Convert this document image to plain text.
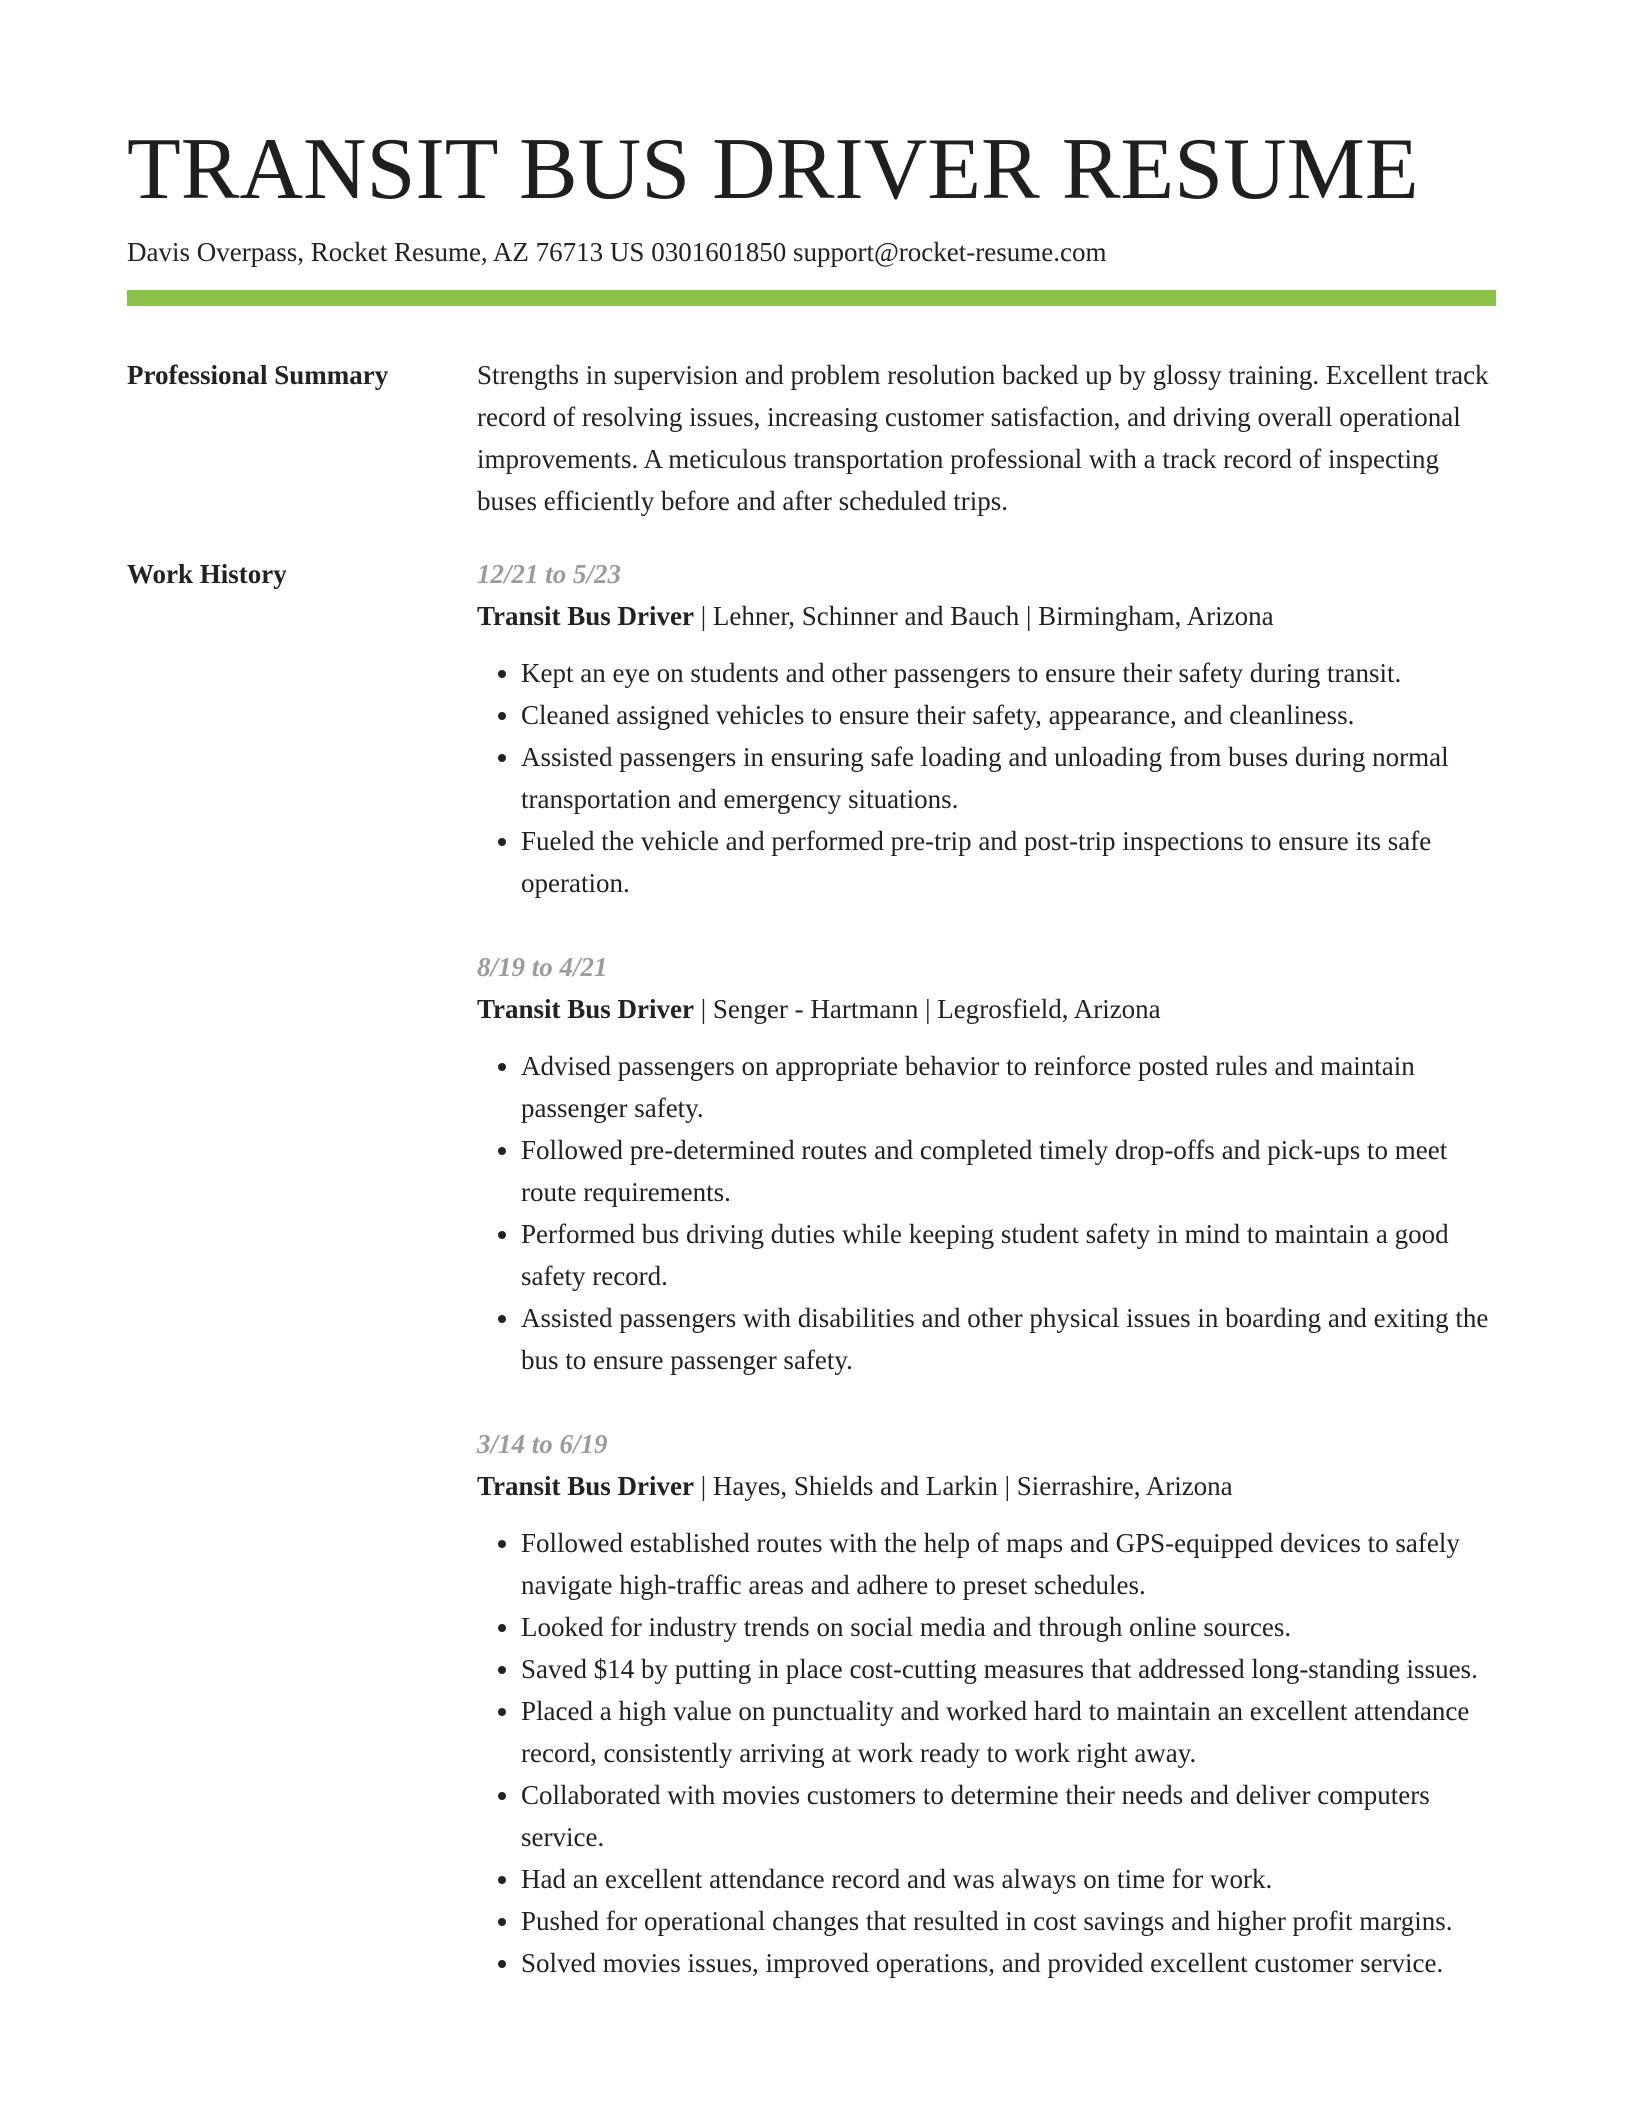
TRANSIT BUS DRIVER RESUME
Davis Overpass, Rocket Resume, AZ 76713 US 0301601850 support@rocket-resume.com
Professional Summary	Strengths in supervision and problem resolution backed up by glossy training. Excellent track record of resolving issues, increasing customer satisfaction, and driving overall operational improvements. A meticulous transportation professional with a track record of inspecting buses efficiently before and after scheduled trips.
Work History	12/21 to 5/23
Transit Bus Driver | Lehner, Schinner and Bauch | Birmingham, Arizona
• Kept an eye on students and other passengers to ensure their safety during transit.
• Cleaned assigned vehicles to ensure their safety, appearance, and cleanliness.
• Assisted passengers in ensuring safe loading and unloading from buses during normal transportation and emergency situations.
• Fueled the vehicle and performed pre-trip and post-trip inspections to ensure its safe operation.
8/19 to 4/21
Transit Bus Driver | Senger - Hartmann | Legrosfield, Arizona
• Advised passengers on appropriate behavior to reinforce posted rules and maintain passenger safety.
• Followed pre-determined routes and completed timely drop-offs and pick-ups to meet route requirements.
• Performed bus driving duties while keeping student safety in mind to maintain a good safety record.
• Assisted passengers with disabilities and other physical issues in boarding and exiting the bus to ensure passenger safety.
3/14 to 6/19
Transit Bus Driver | Hayes, Shields and Larkin | Sierrashire, Arizona
• Followed established routes with the help of maps and GPS-equipped devices to safely navigate high-traffic areas and adhere to preset schedules.
• Looked for industry trends on social media and through online sources.
• Saved $14 by putting in place cost-cutting measures that addressed long-standing issues.
• Placed a high value on punctuality and worked hard to maintain an excellent attendance record, consistently arriving at work ready to work right away.
• Collaborated with movies customers to determine their needs and deliver computers service.
• Had an excellent attendance record and was always on time for work.
• Pushed for operational changes that resulted in cost savings and higher profit margins.
• Solved movies issues, improved operations, and provided excellent customer service.
